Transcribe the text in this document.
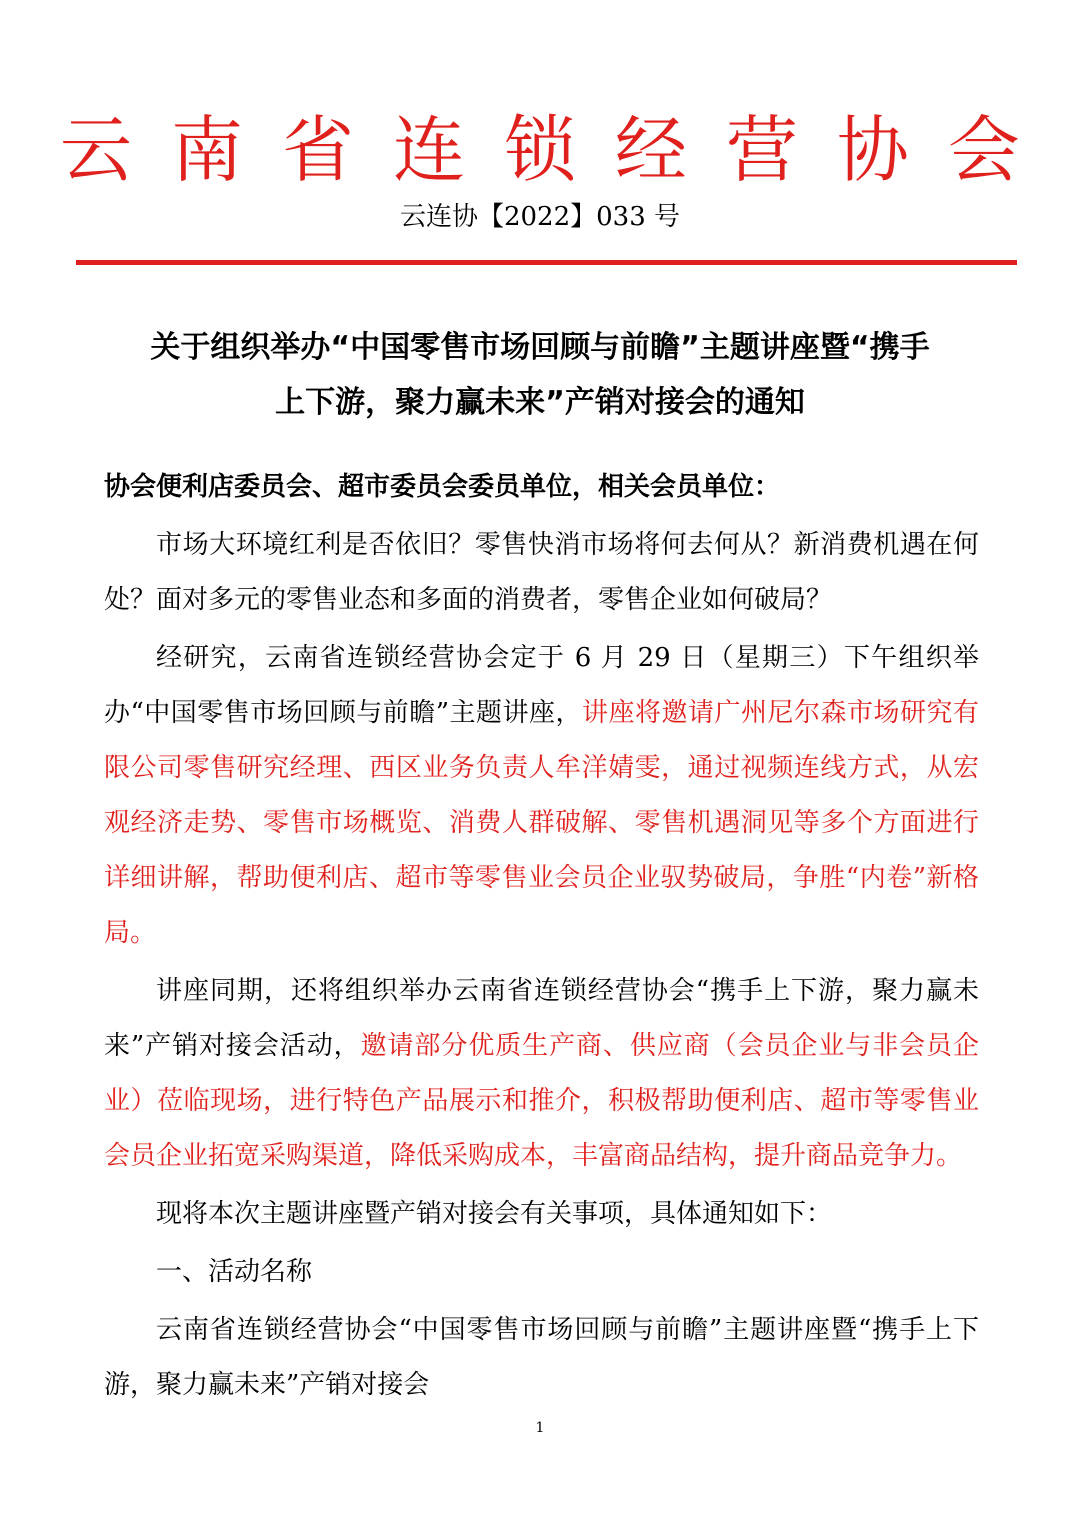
云 南 省 连 锁 经 营 协 会
云连协【2022】033 号
关于组织举办“中国零售市场回顾与前瞻”主题讲座暨“携手
上下游，聚力赢未来”产销对接会的通知

协会便利店委员会、超市委员会委员单位，相关会员单位：

市场大环境红利是否依旧？零售快消市场将何去何从？新消费机遇在何处？面对多元的零售业态和多面的消费者，零售企业如何破局？

经研究，云南省连锁经营协会定于 6 月 29 日（星期三）下午组织举办“中国零售市场回顾与前瞻”主题讲座，讲座将邀请广州尼尔森市场研究有限公司零售研究经理、西区业务负责人牟洋婧雯，通过视频连线方式，从宏观经济走势、零售市场概览、消费人群破解、零售机遇洞见等多个方面进行详细讲解，帮助便利店、超市等零售业会员企业驭势破局，争胜“内卷”新格局。

讲座同期，还将组织举办云南省连锁经营协会“携手上下游，聚力赢未来”产销对接会活动，邀请部分优质生产商、供应商（会员企业与非会员企业）莅临现场，进行特色产品展示和推介，积极帮助便利店、超市等零售业会员企业拓宽采购渠道，降低采购成本，丰富商品结构，提升商品竞争力。

现将本次主题讲座暨产销对接会有关事项，具体通知如下：

一、活动名称

云南省连锁经营协会“中国零售市场回顾与前瞻”主题讲座暨“携手上下游，聚力赢未来”产销对接会

1
